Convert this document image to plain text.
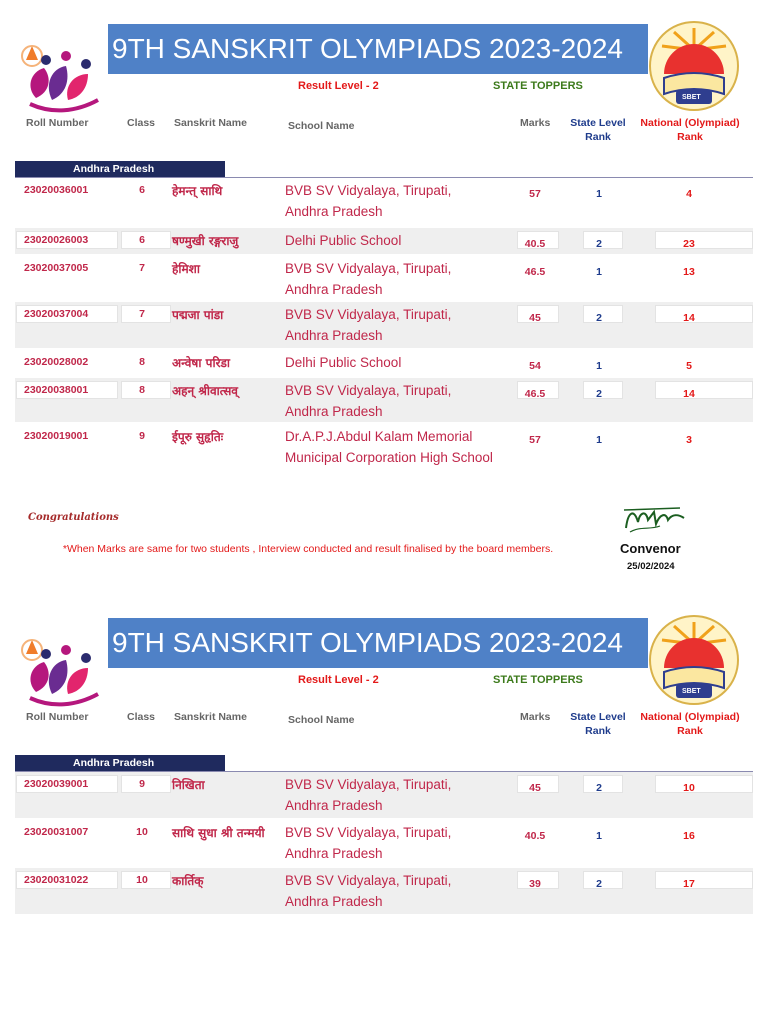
9TH SANSKRIT OLYMPIADS 2023-2024
SBET
Result Level - 2	STATE TOPPERS
Roll Number	Class Sanskrit Name	School Name	Marks	State Level
Rank
National (Olympiad)
Rank
Andhra Pradesh
23020036001	6	हेमन्त् साथि	BVB SV Vidyalaya, Tirupati,
Andhra Pradesh
57	1	4
23020026003	6	षण्मुखी रङ्गराजु	Delhi Public School	40.5	2	23
23020037005	7	हेमिशा	BVB SV Vidyalaya, Tirupati,
Andhra Pradesh
46.5	1	13
23020037004	7	पद्मजा पांडा	BVB SV Vidyalaya, Tirupati,
Andhra Pradesh
45	2	14
23020028002	8	अन्वेषा परिडा	Delhi Public School	54	1	5
23020038001	8	अहन् श्रीवात्सव्	BVB SV Vidyalaya, Tirupati,
Andhra Pradesh
46.5	2	14
23020019001	9	ईपूरु सुहृतिः	Dr.A.P.J.Abdul Kalam Memorial
Municipal Corporation High School
57	1	3
Congratulations
*When Marks are same for two students , Interview conducted and result finalised by the board members.	Convenor
25/02/2024
9TH SANSKRIT OLYMPIADS 2023-2024
SBET
Result Level - 2	STATE TOPPERS
Roll Number	Class Sanskrit Name	School Name	Marks	State Level
Rank
National (Olympiad)
Rank
Andhra Pradesh
23020039001	9	निखिता	BVB SV Vidyalaya, Tirupati,
Andhra Pradesh
45	2	10
23020031007	10 साथि सुधा श्री तन्मयी BVB SV Vidyalaya, Tirupati,
Andhra Pradesh
40.5	1	16
23020031022	10 कार्तिक्	BVB SV Vidyalaya, Tirupati,
Andhra Pradesh
39	2	17
